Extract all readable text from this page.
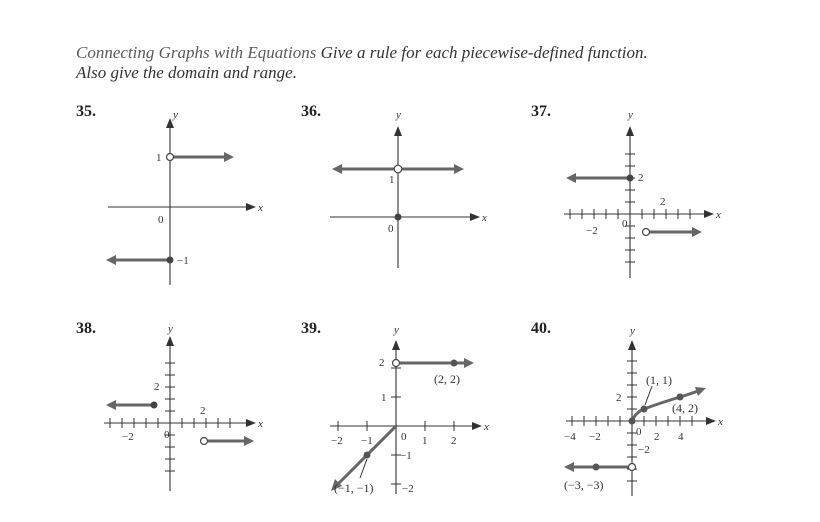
Connecting Graphs with Equations Give a rule for each piecewise-defined function.
Also give the domain and range.
35.	36.	37.
38.	39.	40.
y
x
1
0
−1
y
x
1
0
y
x
2
2
0
−2
y
x
2
2
0
−2
y
x
2
1
0
−2 −1	1 2
−1
−2
(2, 2)
(−1, −1)
y
x
2
0
−4 −2	2 4
−2
(1, 1)
(4, 2)
(−3, −3)
